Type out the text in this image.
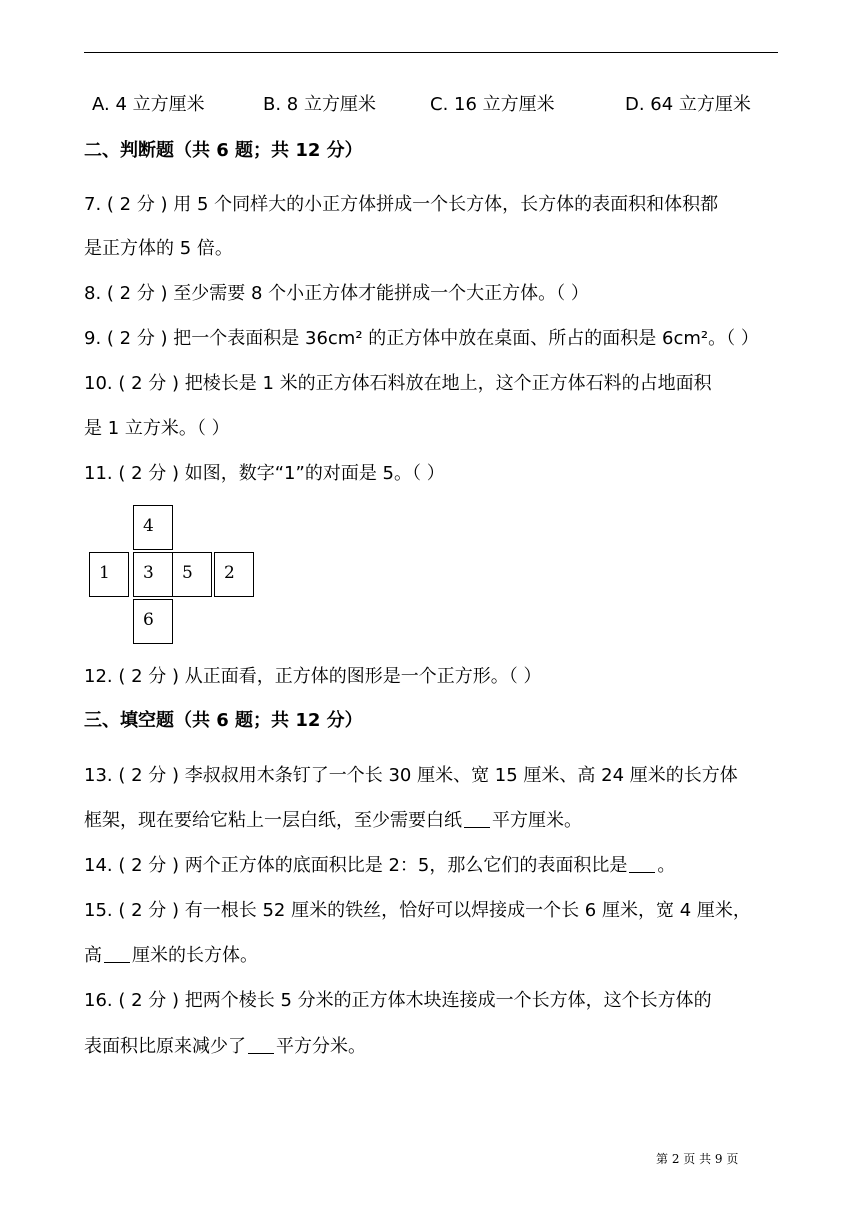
A. 4 立方厘米	B. 8 立方厘米	C. 16 立方厘米	D. 64 立方厘米
二、判断题（共 6 题；共 12 分）
7. ( 2 分 ) 用 5 个同样大的小正方体拼成一个长方体，长方体的表面积和体积都
是正方体的 5 倍。
8. ( 2 分 ) 至少需要 8 个小正方体才能拼成一个大正方体。（ ）
9. ( 2 分 ) 把一个表面积是 36cm² 的正方体中放在桌面、所占的面积是 6cm²。（ ）
10. ( 2 分 ) 把棱长是 1 米的正方体石料放在地上，这个正方体石料的占地面积
是 1 立方米。（ ）
11. ( 2 分 ) 如图，数字“1”的对面是 5。（ ）
4
1 3 5 2
6
12. ( 2 分 ) 从正面看，正方体的图形是一个正方形。（ ）
三、填空题（共 6 题；共 12 分）
13. ( 2 分 ) 李叔叔用木条钉了一个长 30 厘米、宽 15 厘米、高 24 厘米的长方体
框架，现在要给它粘上一层白纸，至少需要白纸 平方厘米。
14. ( 2 分 ) 两个正方体的底面积比是 2：5，那么它们的表面积比是 。
15. ( 2 分 ) 有一根长 52 厘米的铁丝，恰好可以焊接成一个长 6 厘米，宽 4 厘米，
高 厘米的长方体。
16. ( 2 分 ) 把两个棱长 5 分米的正方体木块连接成一个长方体，这个长方体的
表面积比原来减少了 平方分米。
第 2 页 共 9 页
